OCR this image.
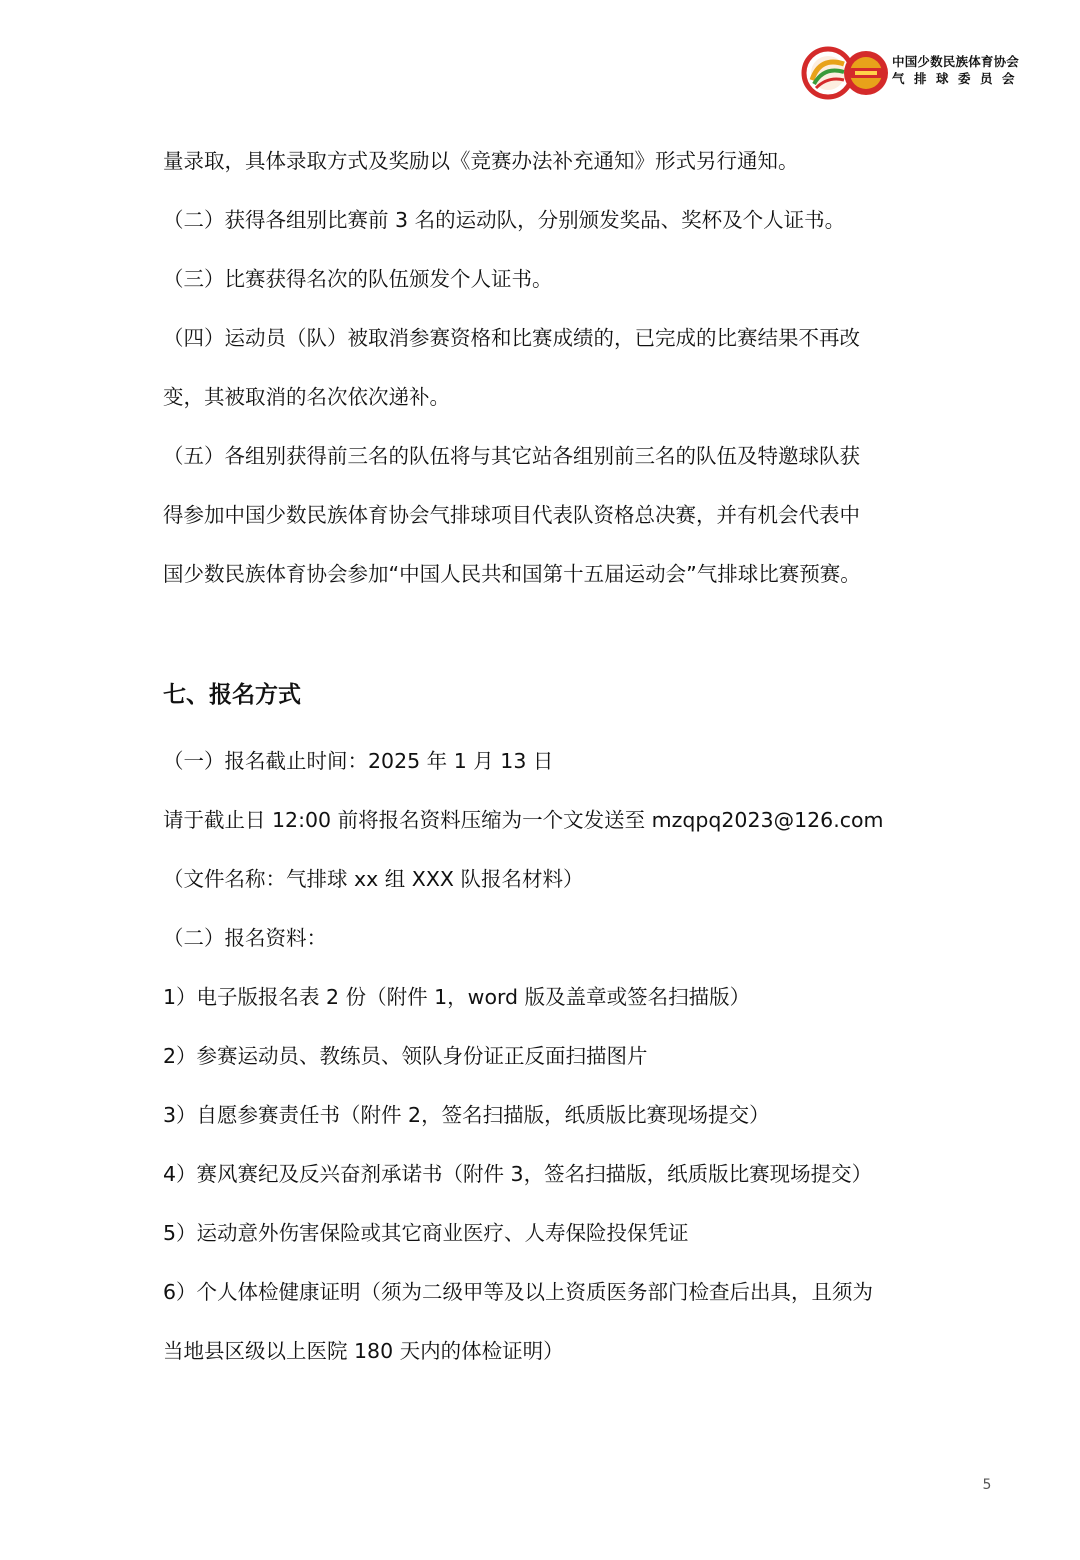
中国少数民族体育协会
气排球委员会
量录取，具体录取方式及奖励以《竞赛办法补充通知》形式另行通知。
（二）获得各组别比赛前 3 名的运动队，分别颁发奖品、奖杯及个人证书。
（三）比赛获得名次的队伍颁发个人证书。
（四）运动员（队）被取消参赛资格和比赛成绩的，已完成的比赛结果不再改
变，其被取消的名次依次递补。
（五）各组别获得前三名的队伍将与其它站各组别前三名的队伍及特邀球队获
得参加中国少数民族体育协会气排球项目代表队资格总决赛，并有机会代表中
国少数民族体育协会参加“中国人民共和国第十五届运动会”气排球比赛预赛。
七、报名方式
（一）报名截止时间：2025 年 1 月 13 日
请于截止日 12:00 前将报名资料压缩为一个文发送至 mzqpq2023@126.com
（文件名称：气排球 xx 组 XXX 队报名材料）
（二）报名资料：
1）电子版报名表 2 份（附件 1，word 版及盖章或签名扫描版）
2）参赛运动员、教练员、领队身份证正反面扫描图片
3）自愿参赛责任书（附件 2，签名扫描版，纸质版比赛现场提交）
4）赛风赛纪及反兴奋剂承诺书（附件 3，签名扫描版，纸质版比赛现场提交）
5）运动意外伤害保险或其它商业医疗、人寿保险投保凭证
6）个人体检健康证明（须为二级甲等及以上资质医务部门检查后出具，且须为
当地县区级以上医院 180 天内的体检证明）
5
